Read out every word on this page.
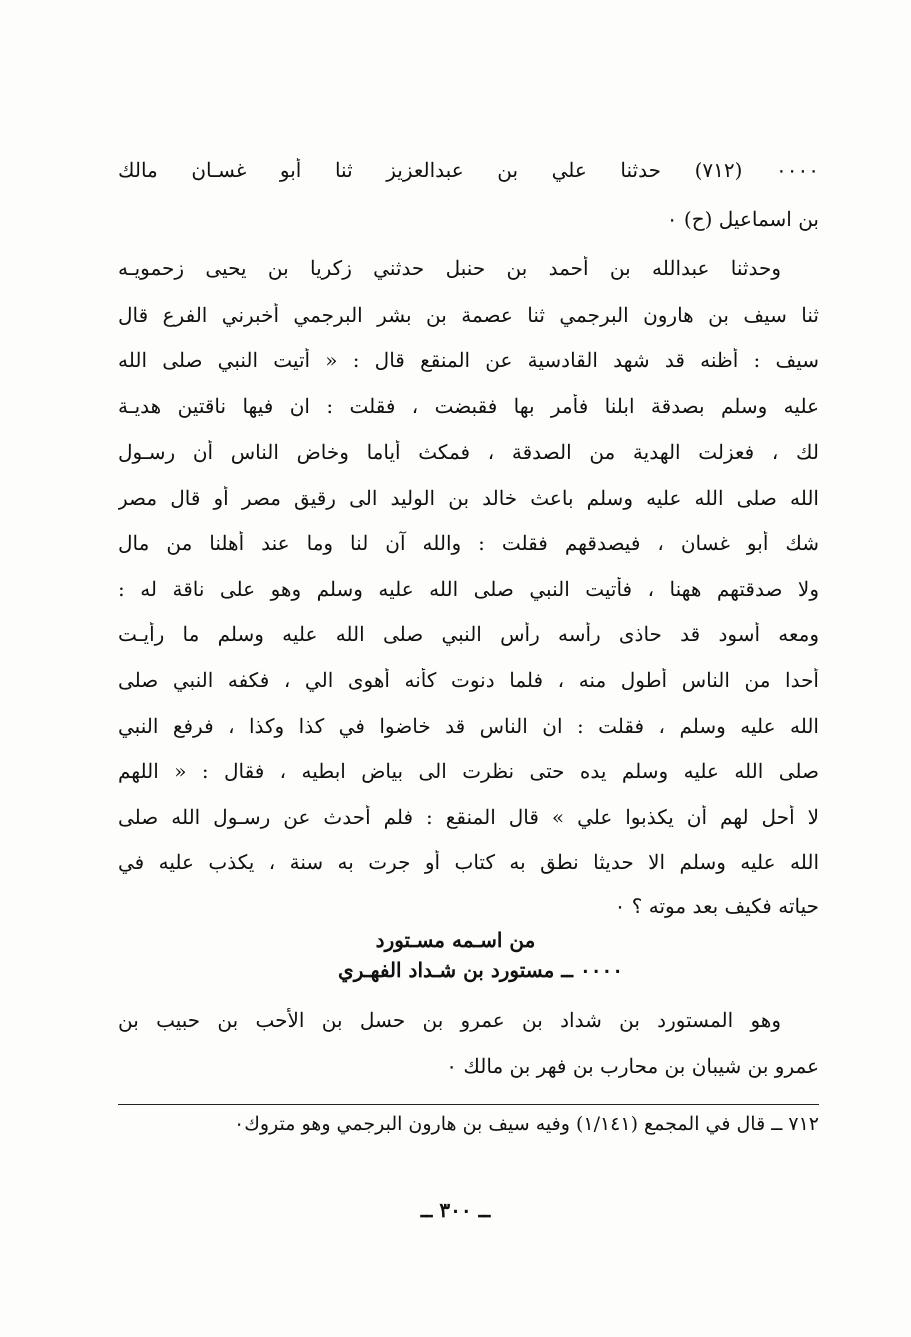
٠٠٠٠ (٧١٢) حدثنا علي بن عبدالعزيز ثنا أبو غسـان مالك
بن اسماعيل (ح) ٠
وحدثنا عبدالله بن أحمد بن حنبل حدثني زكريا بن يحيى زحمويـه
ثنا سيف بن هارون البرجمي ثنا عصمة بن بشر البرجمي أخبرني الفرع قال
سيف : أظنه قد شهد القادسية عن المنقع قال : « أتيت النبي صلى الله
عليه وسلم بصدقة ابلنا فأمر بها فقبضت ، فقلت : ان فيها ناقتين هديـة
لك ، فعزلت الهدية من الصدقة ، فمكث أياما وخاض الناس أن رسـول
الله صلى الله عليه وسلم باعث خالد بن الوليد الى رقيق مصر أو قال مصر
شك أبو غسان ، فيصدقهم فقلت : والله آن لنا وما عند أهلنا من مال
ولا صدقتهم ههنا ، فأتيت النبي صلى الله عليه وسلم وهو على ناقة له :
ومعه أسود قد حاذى رأسه رأس النبي صلى الله عليه وسلم ما رأيـت
أحدا من الناس أطول منه ، فلما دنوت كأنه أهوى الي ، فكفه النبي صلى
الله عليه وسلم ، فقلت : ان الناس قد خاضوا في كذا وكذا ، فرفع النبي
صلى الله عليه وسلم يده حتى نظرت الى بياض ابطيه ، فقال : « اللهم
لا أحل لهم أن يكذبوا علي » قال المنقع : فلم أحدث عن رسـول الله صلى
الله عليه وسلم الا حديثا نطق به كتاب أو جرت به سنة ، يكذب عليه في
حياته فكيف بعد موته ؟ ٠
من اسـمه مسـتورد
٠٠٠٠ ــ مستورد بن شـداد الفهـري
وهو المستورد بن شداد بن عمرو بن حسل بن الأحب بن حبيب بن
عمرو بن شيبان بن محارب بن فهر بن مالك ٠
٧١٢ ــ قال في المجمع (١/١٤١) وفيه سيف بن هارون البرجمي وهو متروك٠
ــ ٣٠٠ ــ
